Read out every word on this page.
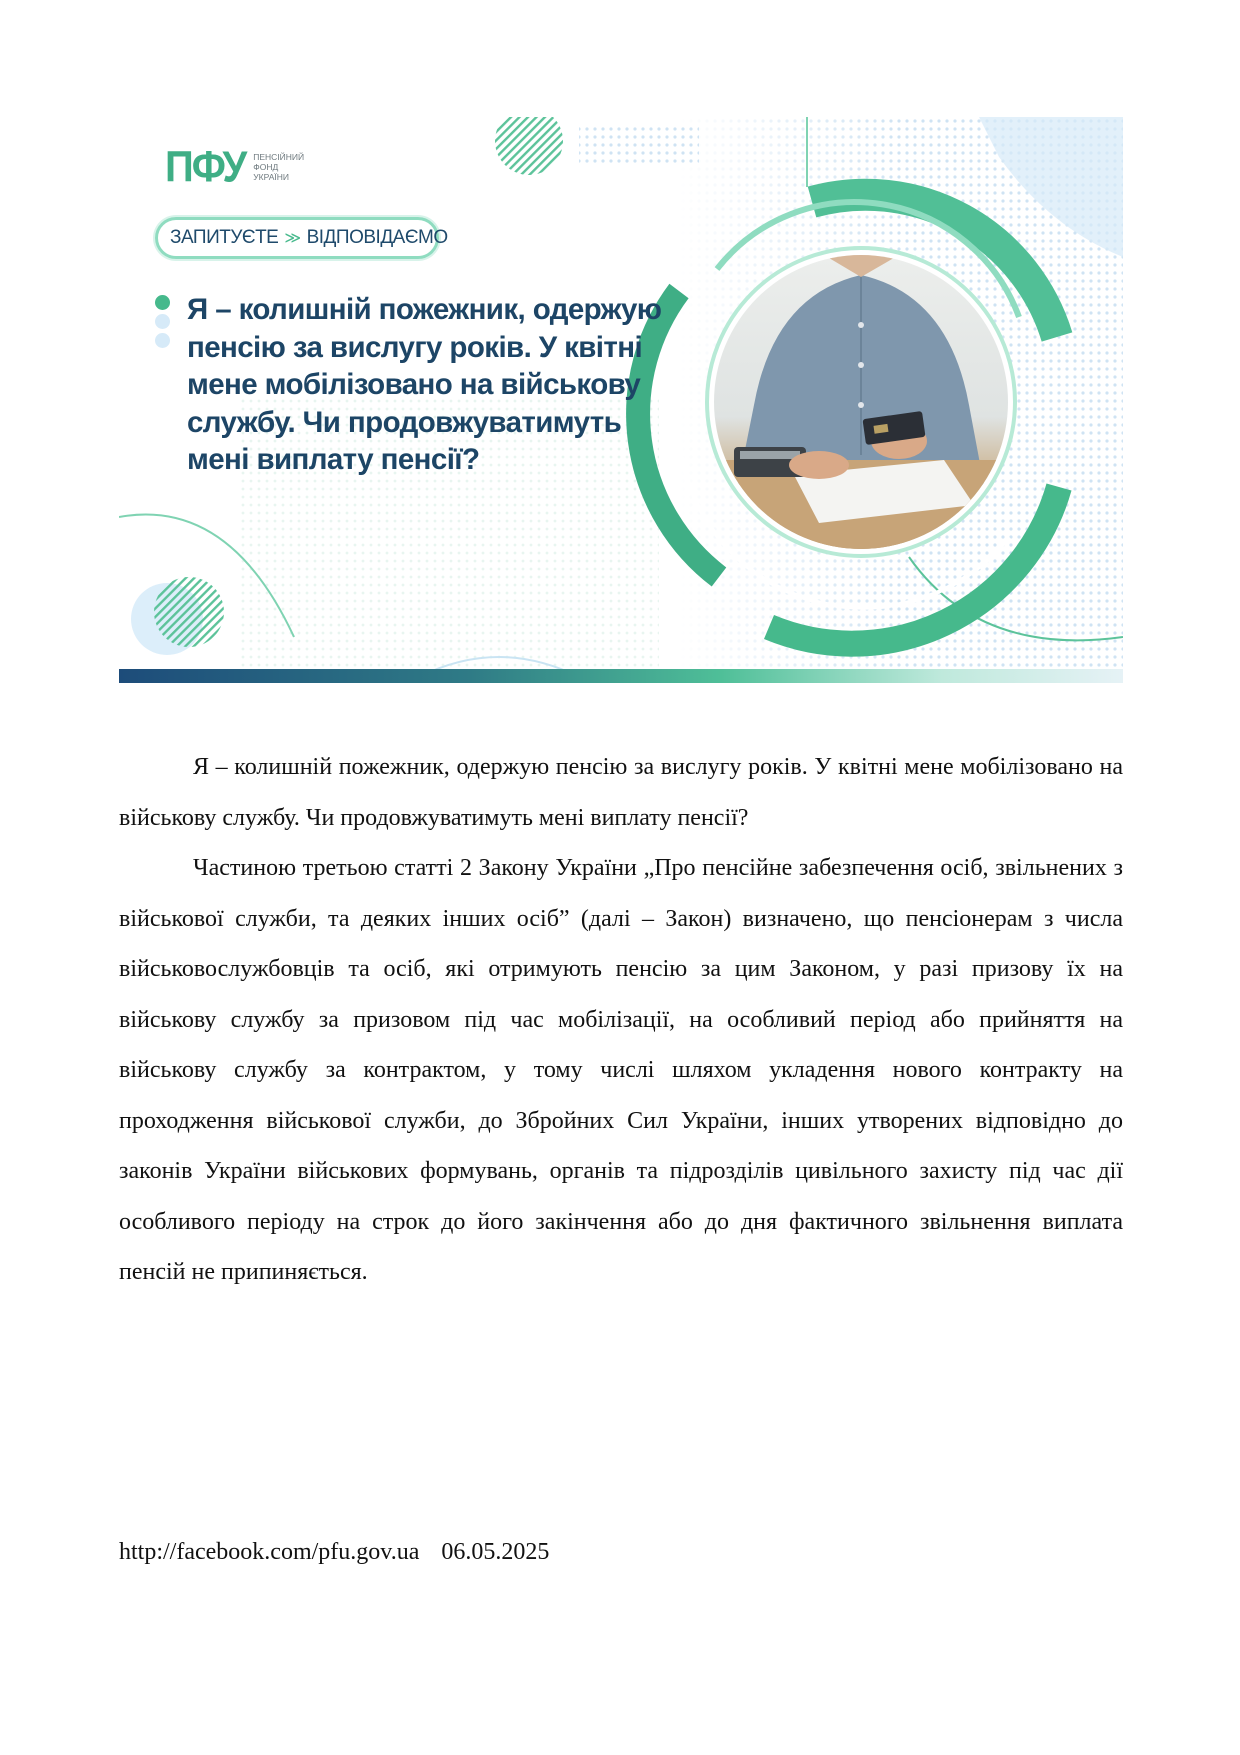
ПФУ ПЕНСІЙНИЙ
ФОНД
УКРАЇНИ
ЗАПИТУЄТЕ ≫ ВІДПОВІДАЄМО

Я – колишній пожежник, одержую пенсію за вислугу років. У квітні мене мобілізовано на військову службу. Чи продовжуватимуть мені виплату пенсії?

Я – колишній пожежник, одержую пенсію за вислугу років. У квітні мене мобілізовано на військову службу. Чи продовжуватимуть мені виплату пенсії?

Частиною третьою статті 2 Закону України „Про пенсійне забезпечення осіб, звільнених з військової служби, та деяких інших осіб” (далі – Закон) визначено, що пенсіонерам з числа військовослужбовців та осіб, які отримують пенсію за цим Законом, у разі призову їх на військову службу за призовом під час мобілізації, на особливий період або прийняття на військову службу за контрактом, у тому числі шляхом укладення нового контракту на проходження військової служби, до Збройних Сил України, інших утворених відповідно до законів України військових формувань, органів та підрозділів цивільного захисту під час дії особливого періоду на строк до його закінчення або до дня фактичного звільнення виплата пенсій не припиняється.

http://facebook.com/pfu.gov.ua 06.05.2025
